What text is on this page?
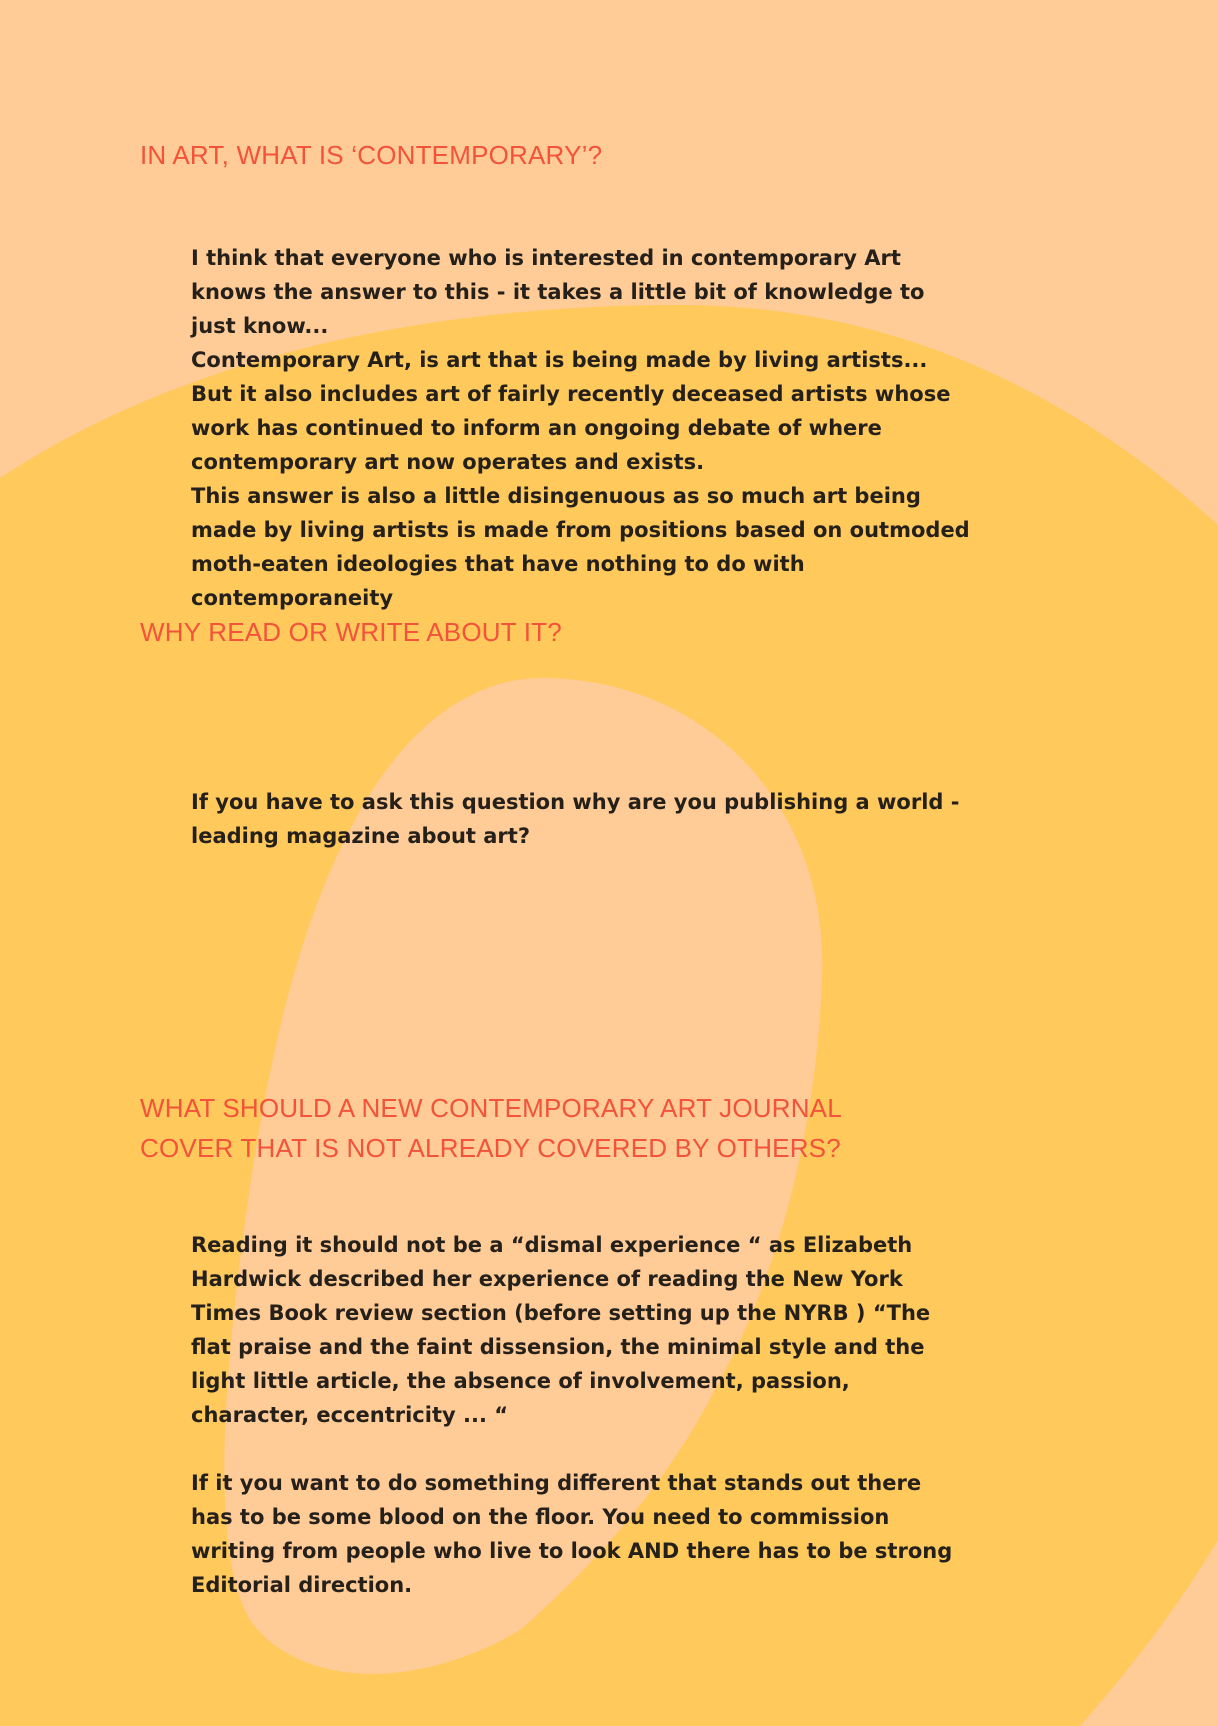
IN ART, WHAT IS ‘CONTEMPORARY’?
I think that everyone who is interested in contemporary Art
knows the answer to this - it takes a little bit of knowledge to
just know...
Contemporary Art, is art that is being made by living artists...
But it also includes art of fairly recently deceased artists whose
work has continued to inform an ongoing debate of where
contemporary art now operates and exists.
This answer is also a little disingenuous as so much art being
made by living artists is made from positions based on outmoded
moth-eaten ideologies that have nothing to do with
contemporaneity
WHY READ OR WRITE ABOUT IT?
If you have to ask this question why are you publishing a world -
leading magazine about art?
WHAT SHOULD A NEW CONTEMPORARY ART JOURNAL
COVER THAT IS NOT ALREADY COVERED BY OTHERS?
Reading it should not be a “dismal experience “ as Elizabeth
Hardwick described her experience of reading the New York
Times Book review section (before setting up the NYRB ) “The
flat praise and the faint dissension, the minimal style and the
light little article, the absence of involvement, passion,
character, eccentricity ... “
If it you want to do something different that stands out there
has to be some blood on the floor. You need to commission
writing from people who live to look AND there has to be strong
Editorial direction.
